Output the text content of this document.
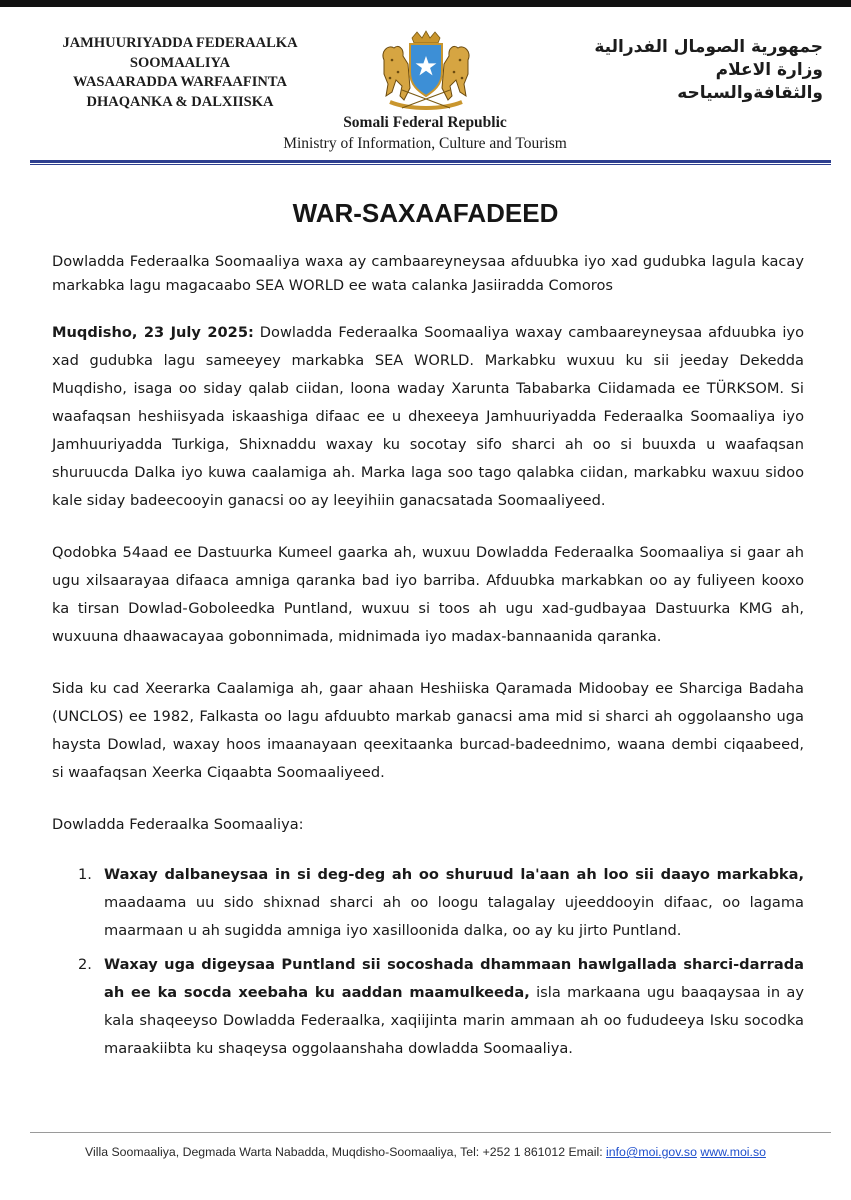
JAMHUURIYADDA FEDERAALKA
SOOMAALIYA
WASAARADDA WARFAAFINTA
DHAQANKA & DALXIISKA
جمهورية الصومال الفدرالية
وزارة الاعلام
والثقافةوالسياحه
Somali Federal Republic
Ministry of Information, Culture and Tourism
WAR-SAXAAFADEED

Dowladda Federaalka Soomaaliya waxa ay cambaareyneysaa afduubka iyo xad gudubka lagula kacay markabka lagu magacaabo SEA WORLD ee wata calanka Jasiiradda Comoros

Muqdisho, 23 July 2025: Dowladda Federaalka Soomaaliya waxay cambaareyneysaa afduubka iyo xad gudubka lagu sameeyey markabka SEA WORLD. Markabku wuxuu ku sii jeeday Dekedda Muqdisho, isaga oo siday qalab ciidan, loona waday Xarunta Tababarka Ciidamada ee TÜRKSOM. Si waafaqsan heshiisyada iskaashiga difaac ee u dhexeeya Jamhuuriyadda Federaalka Soomaaliya iyo Jamhuuriyadda Turkiga, Shixnaddu waxay ku socotay sifo sharci ah oo si buuxda u waafaqsan shuruucda Dalka iyo kuwa caalamiga ah. Marka laga soo tago qalabka ciidan, markabku waxuu sidoo kale siday badeecooyin ganacsi oo ay leeyihiin ganacsatada Soomaaliyeed.

Qodobka 54aad ee Dastuurka Kumeel gaarka ah, wuxuu Dowladda Federaalka Soomaaliya si gaar ah ugu xilsaarayaa difaaca amniga qaranka bad iyo barriba. Afduubka markabkan oo ay fuliyeen kooxo ka tirsan Dowlad-Goboleedka Puntland, wuxuu si toos ah ugu xad-gudbayaa Dastuurka KMG ah, wuxuuna dhaawacayaa gobonnimada, midnimada iyo madax-bannaanida qaranka.

Sida ku cad Xeerarka Caalamiga ah, gaar ahaan Heshiiska Qaramada Midoobay ee Sharciga Badaha (UNCLOS) ee 1982, Falkasta oo lagu afduubto markab ganacsi ama mid si sharci ah oggolaansho uga haysta Dowlad, waxay hoos imaanayaan qeexitaanka burcad-badeednimo, waana dembi ciqaabeed, si waafaqsan Xeerka Ciqaabta Soomaaliyeed.

Dowladda Federaalka Soomaaliya:

1. Waxay dalbaneysaa in si deg-deg ah oo shuruud la'aan ah loo sii daayo markabka, maadaama uu sido shixnad sharci ah oo loogu talagalay ujeeddooyin difaac, oo lagama maarmaan u ah sugidda amniga iyo xasilloonida dalka, oo ay ku jirto Puntland.
2. Waxay uga digeysaa Puntland sii socoshada dhammaan hawlgallada sharci-darrada ah ee ka socda xeebaha ku aaddan maamulkeeda, isla markaana ugu baaqaysaa in ay kala shaqeeyso Dowladda Federaalka, xaqiijinta marin ammaan ah oo fududeeya Isku socodka maraakiibta ku shaqeysa oggolaanshaha dowladda Soomaaliya.
Villa Soomaaliya, Degmada Warta Nabadda, Muqdisho-Soomaaliya, Tel: +252 1 861012 Email: info@moi.gov.so www.moi.so
